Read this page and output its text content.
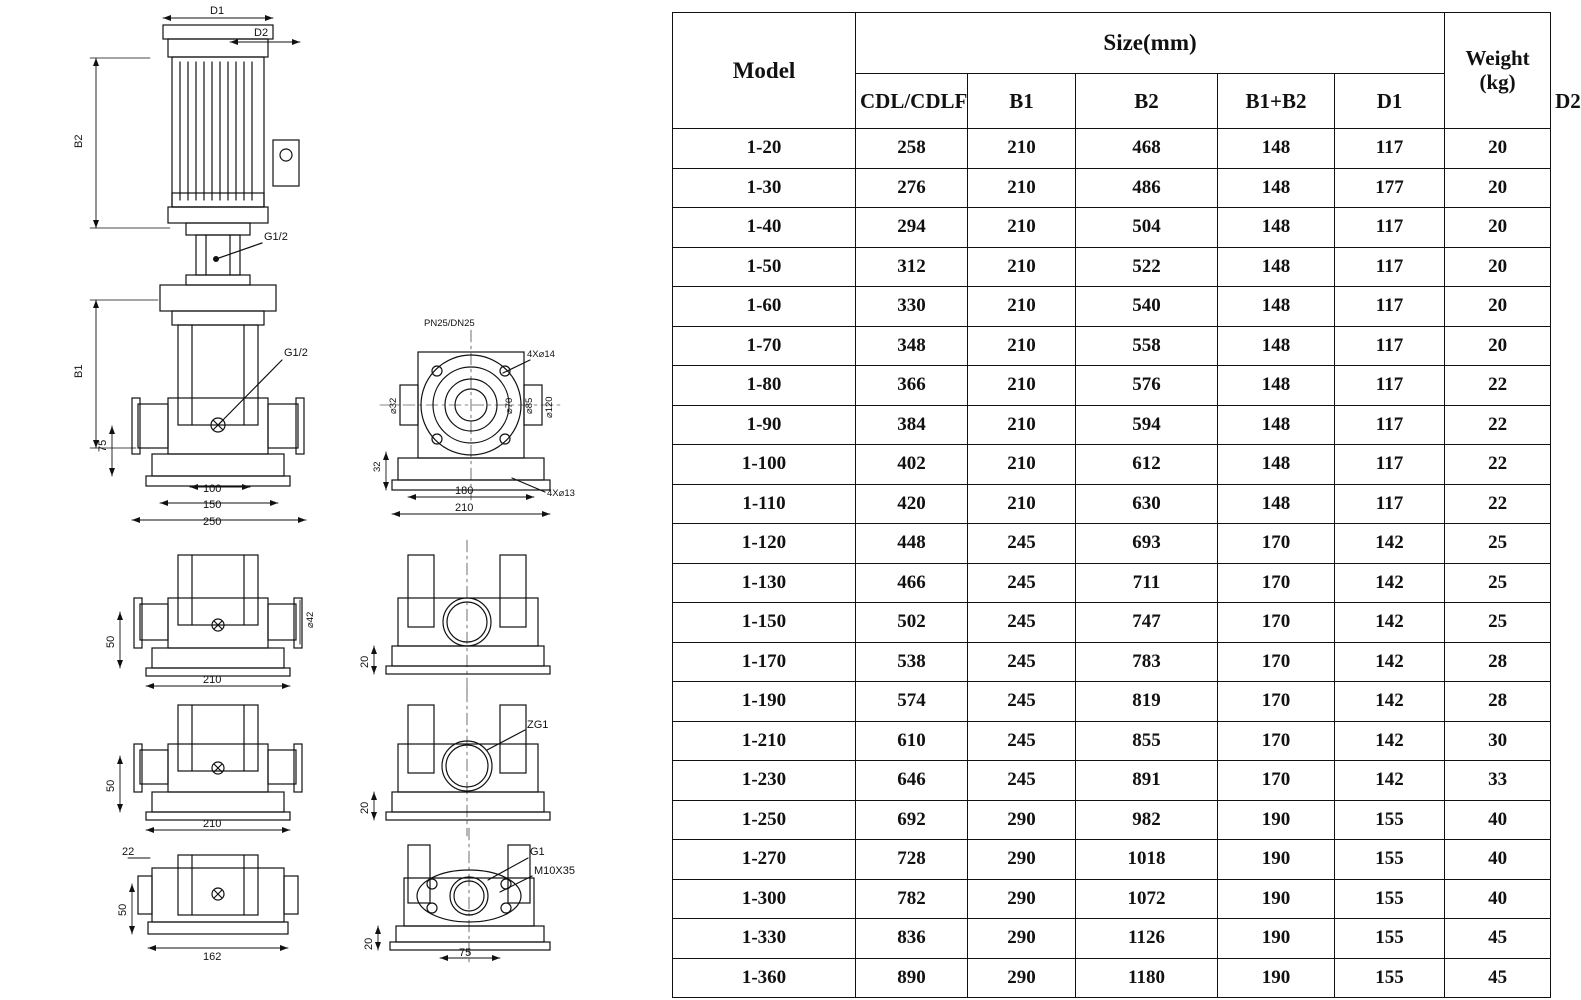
D1
D2
B2
B1
75
G1/2
G1/2
100
150
250
PN25/DN25
4X⌀14
4X⌀13
⌀32	⌀70 ⌀85 ⌀120
32
180
210
⌀42
50
210
20
50
210
20
ZG1
22
50
162
G1
M10X35
20
75
Model	Size(mm)					Weight
(kg)	

	CDL/CDLF	B1	B2	B1+B2	D1		D2
1-20	258	210	468	148	117	20	
1-30	276	210	486	148	177	20	
1-40	294	210	504	148	117	20	
1-50	312	210	522	148	117	20	
1-60	330	210	540	148	117	20	
1-70	348	210	558	148	117	20	
1-80	366	210	576	148	117	22	
1-90	384	210	594	148	117	22	
1-100	402	210	612	148	117	22	
1-110	420	210	630	148	117	22	
1-120	448	245	693	170	142	25	
1-130	466	245	711	170	142	25	
1-150	502	245	747	170	142	25	
1-170	538	245	783	170	142	28	
1-190	574	245	819	170	142	28	
1-210	610	245	855	170	142	30	
1-230	646	245	891	170	142	33	
1-250	692	290	982	190	155	40	
1-270	728	290	1018	190	155	40	
1-300	782	290	1072	190	155	40	
1-330	836	290	1126	190	155	45	
1-360	890	290	1180	190	155	45	
